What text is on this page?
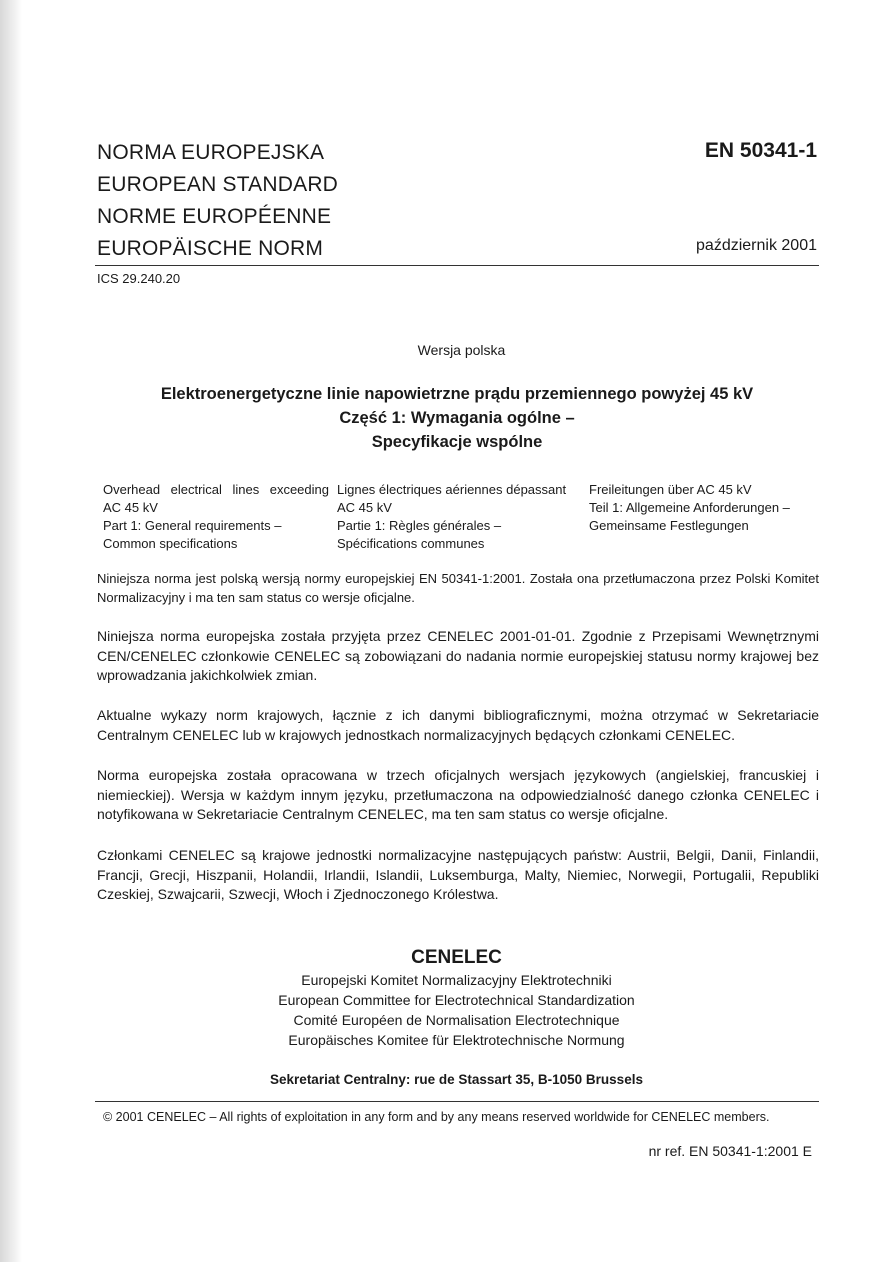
NORMA EUROPEJSKA
EUROPEAN STANDARD
NORME EUROPÉENNE
EUROPÄISCHE NORM
EN 50341-1
październik 2001
ICS 29.240.20
Wersja polska
Elektroenergetyczne linie napowietrzne prądu przemiennego powyżej 45 kV
Część 1: Wymagania ogólne –
Specyfikacje wspólne
Overhead electrical lines exceeding
AC 45 kV
Part 1: General requirements –
Common specifications
Lignes électriques aériennes dépassant
AC 45 kV
Partie 1: Règles générales –
Spécifications communes
Freileitungen über AC 45 kV
Teil 1: Allgemeine Anforderungen –
Gemeinsame Festlegungen
Niniejsza norma jest polską wersją normy europejskiej EN 50341-1:2001. Została ona przetłumaczona przez Polski Komitet Normalizacyjny i ma ten sam status co wersje oficjalne.
Niniejsza norma europejska została przyjęta przez CENELEC 2001-01-01. Zgodnie z Przepisami Wewnętrznymi CEN/CENELEC członkowie CENELEC są zobowiązani do nadania normie europejskiej statusu normy krajowej bez wprowadzania jakichkolwiek zmian.
Aktualne wykazy norm krajowych, łącznie z ich danymi bibliograficznymi, można otrzymać w Sekretariacie Centralnym CENELEC lub w krajowych jednostkach normalizacyjnych będących członkami CENELEC.
Norma europejska została opracowana w trzech oficjalnych wersjach językowych (angielskiej, francuskiej i niemieckiej). Wersja w każdym innym języku, przetłumaczona na odpowiedzialność danego członka CENELEC i notyfikowana w Sekretariacie Centralnym CENELEC, ma ten sam status co wersje oficjalne.
Członkami CENELEC są krajowe jednostki normalizacyjne następujących państw: Austrii, Belgii, Danii, Finlandii, Francji, Grecji, Hiszpanii, Holandii, Irlandii, Islandii, Luksemburga, Malty, Niemiec, Norwegii, Portugalii, Republiki Czeskiej, Szwajcarii, Szwecji, Włoch i Zjednoczonego Królestwa.
CENELEC
Europejski Komitet Normalizacyjny Elektrotechniki
European Committee for Electrotechnical Standardization
Comité Européen de Normalisation Electrotechnique
Europäisches Komitee für Elektrotechnische Normung
Sekretariat Centralny: rue de Stassart 35, B-1050 Brussels
© 2001 CENELEC – All rights of exploitation in any form and by any means reserved worldwide for CENELEC members.
nr ref. EN 50341-1:2001 E
